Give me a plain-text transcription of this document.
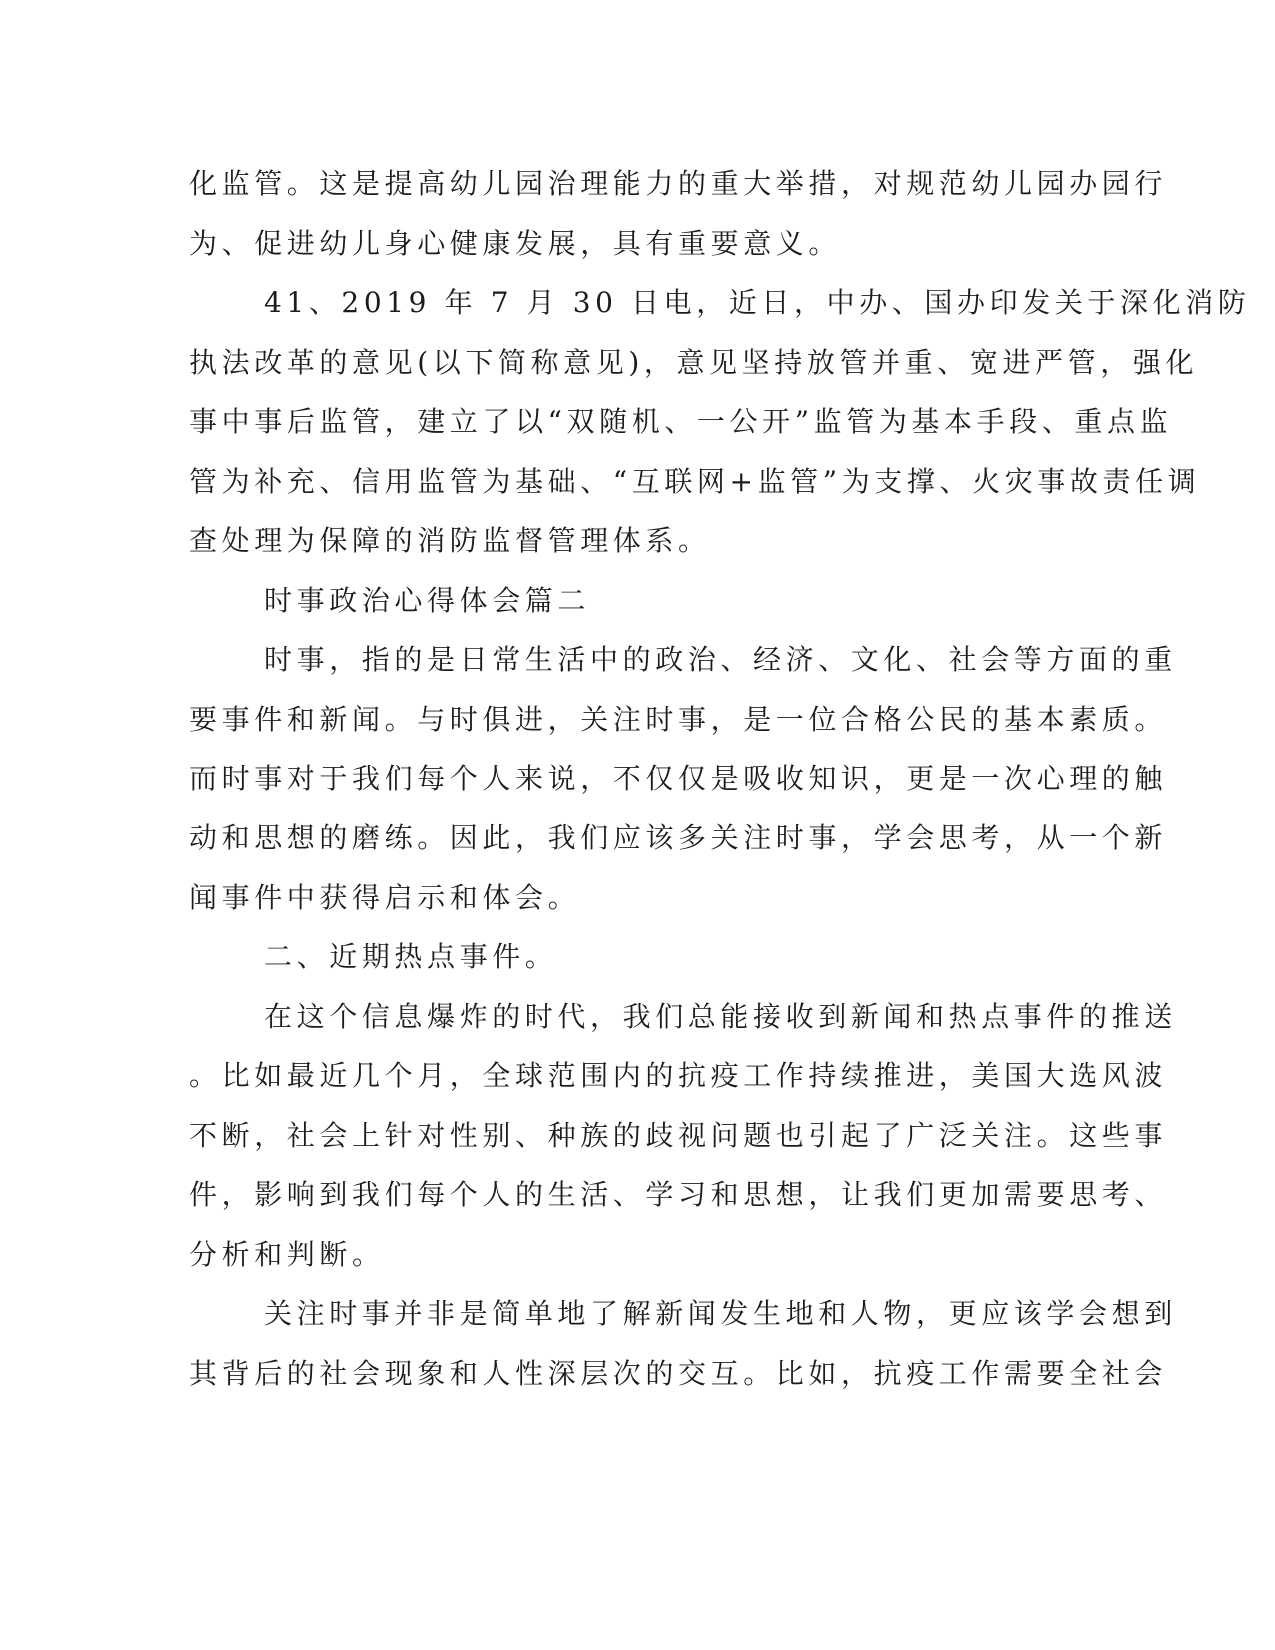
化监管。这是提高幼儿园治理能力的重大举措，对规范幼儿园办园行
为、促进幼儿身心健康发展，具有重要意义。
41、2019 年 7 月 30 日电，近日，中办、国办印发关于深化消防
执法改革的意见(以下简称意见)，意见坚持放管并重、宽进严管，强化
事中事后监管，建立了以“双随机、一公开”监管为基本手段、重点监
管为补充、信用监管为基础、“互联网+监管”为支撑、火灾事故责任调
查处理为保障的消防监督管理体系。
时事政治心得体会篇二
时事，指的是日常生活中的政治、经济、文化、社会等方面的重
要事件和新闻。与时俱进，关注时事，是一位合格公民的基本素质。
而时事对于我们每个人来说，不仅仅是吸收知识，更是一次心理的触
动和思想的磨练。因此，我们应该多关注时事，学会思考，从一个新
闻事件中获得启示和体会。
二、近期热点事件。
在这个信息爆炸的时代，我们总能接收到新闻和热点事件的推送
。比如最近几个月，全球范围内的抗疫工作持续推进，美国大选风波
不断，社会上针对性别、种族的歧视问题也引起了广泛关注。这些事
件，影响到我们每个人的生活、学习和思想，让我们更加需要思考、
分析和判断。
关注时事并非是简单地了解新闻发生地和人物，更应该学会想到
其背后的社会现象和人性深层次的交互。比如，抗疫工作需要全社会
